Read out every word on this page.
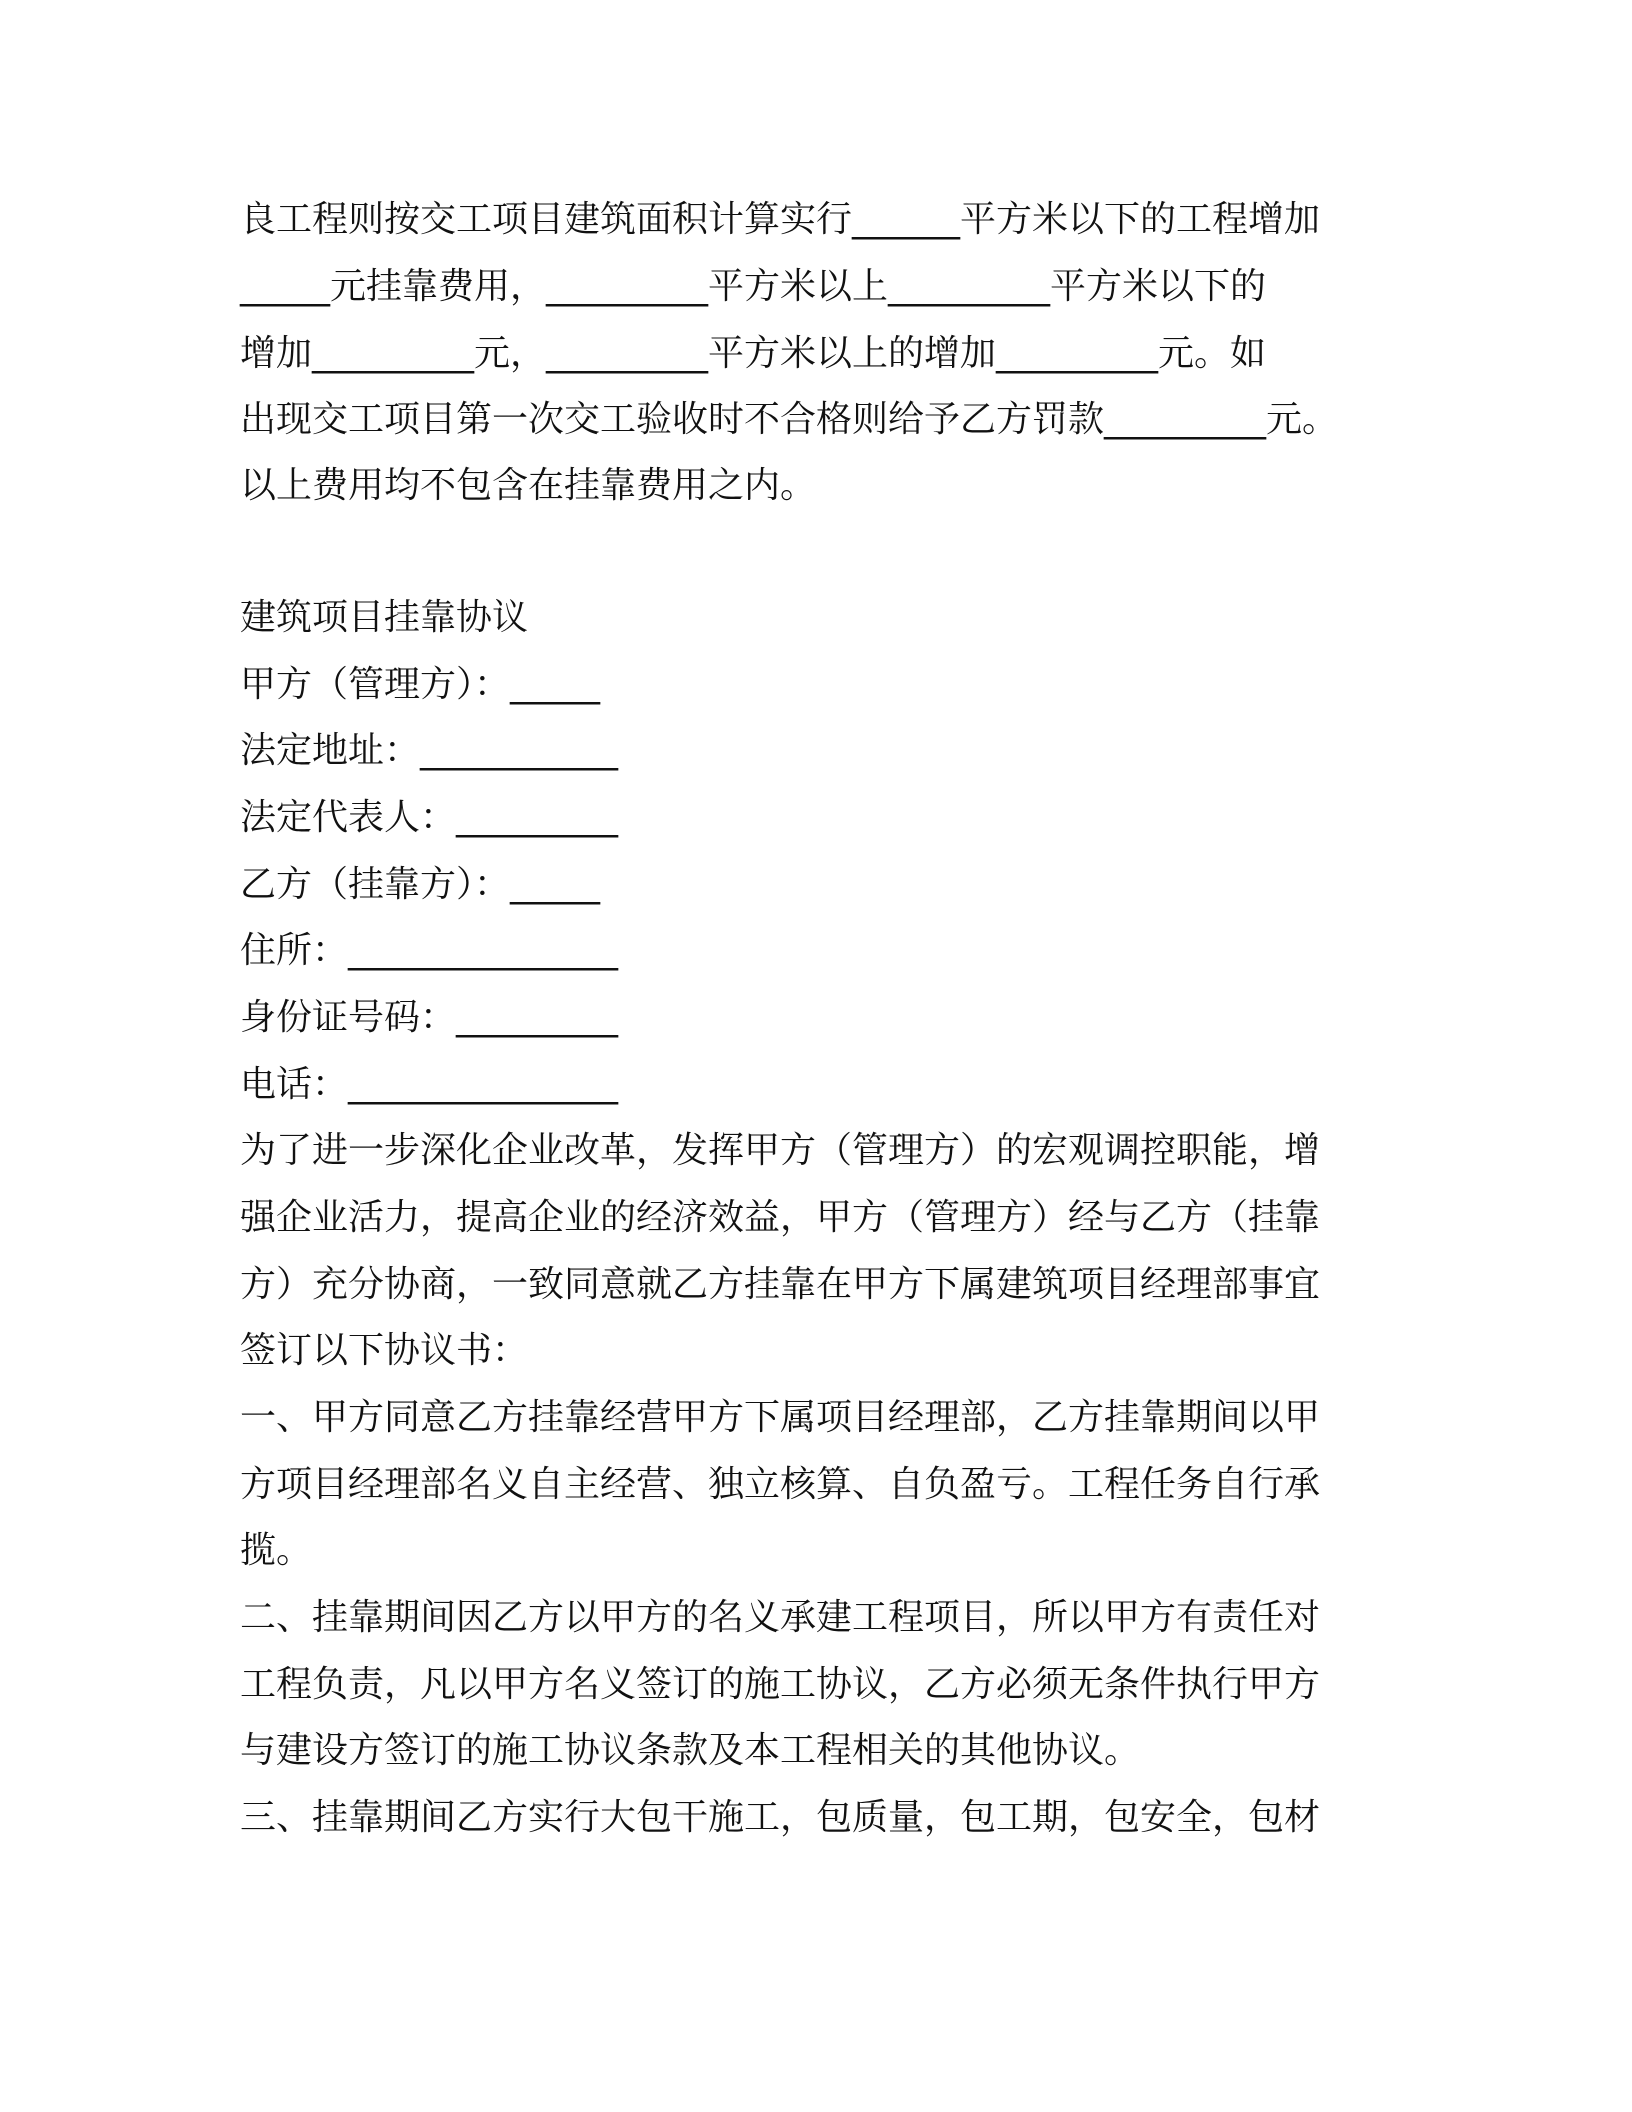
良工程则按交工项目建筑面积计算实行______平方米以下的工程增加
_____元挂靠费用，_________平方米以上_________平方米以下的
增加_________元，_________平方米以上的增加_________元。如
出现交工项目第一次交工验收时不合格则给予乙方罚款_________元。
以上费用均不包含在挂靠费用之内。
建筑项目挂靠协议
甲方（管理方）：_____
法定地址：___________
法定代表人：_________
乙方（挂靠方）：_____
住所：_______________
身份证号码：_________
电话：_______________
为了进一步深化企业改革，发挥甲方（管理方）的宏观调控职能，增
强企业活力，提高企业的经济效益，甲方（管理方）经与乙方（挂靠
方）充分协商，一致同意就乙方挂靠在甲方下属建筑项目经理部事宜
签订以下协议书：
一、甲方同意乙方挂靠经营甲方下属项目经理部，乙方挂靠期间以甲
方项目经理部名义自主经营、独立核算、自负盈亏。工程任务自行承
揽。
二、挂靠期间因乙方以甲方的名义承建工程项目，所以甲方有责任对
工程负责，凡以甲方名义签订的施工协议，乙方必须无条件执行甲方
与建设方签订的施工协议条款及本工程相关的其他协议。
三、挂靠期间乙方实行大包干施工，包质量，包工期，包安全，包材
